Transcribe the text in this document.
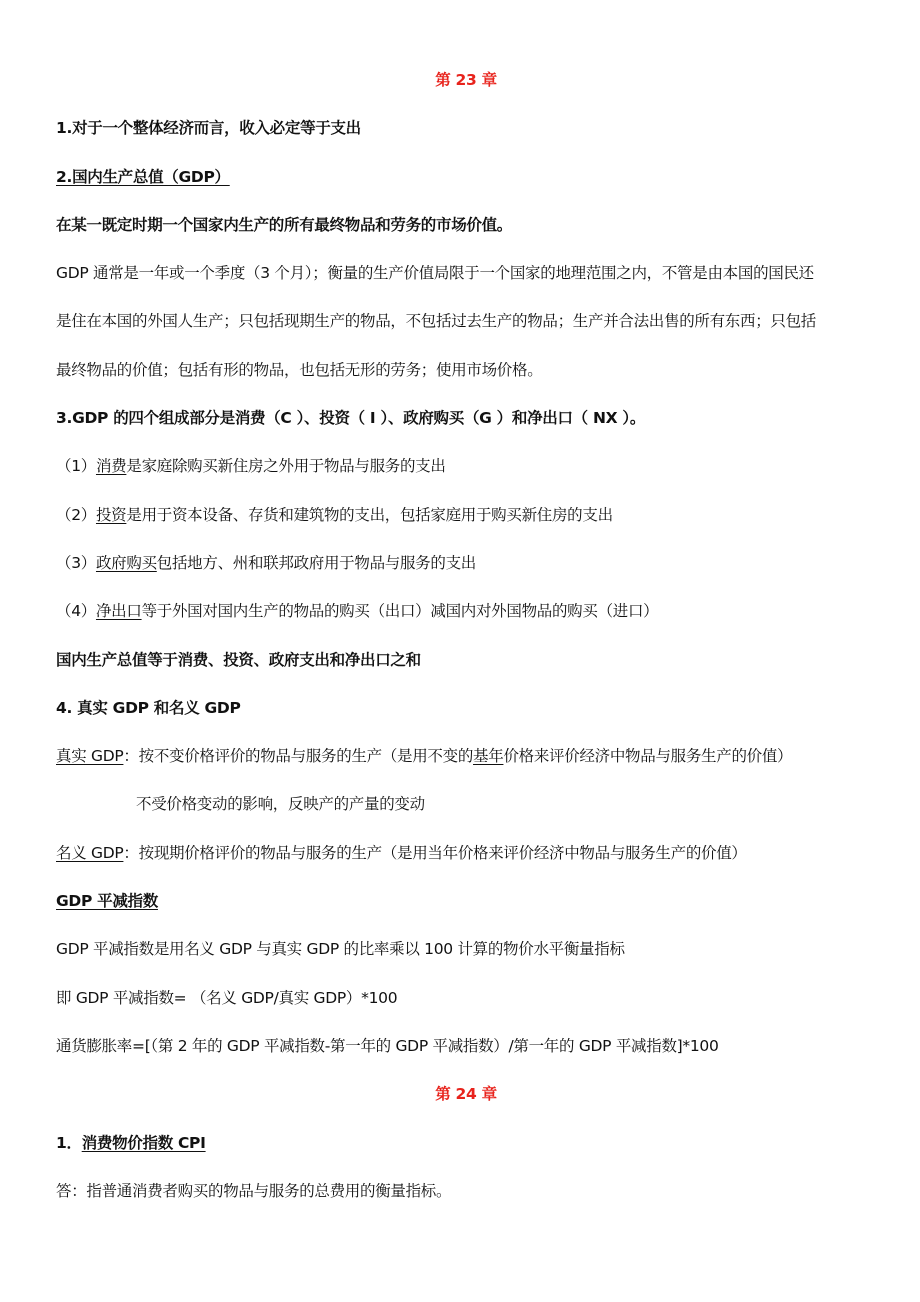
第 23 章
1.对于一个整体经济而言，收入必定等于支出
2.国内生产总值（GDP）
在某一既定时期一个国家内生产的所有最终物品和劳务的市场价值。
GDP 通常是一年或一个季度（3 个月）；衡量的生产价值局限于一个国家的地理范围之内，不管是由本国的国民还
是住在本国的外国人生产；只包括现期生产的物品，不包括过去生产的物品；生产并合法出售的所有东西；只包括
最终物品的价值；包括有形的物品，也包括无形的劳务；使用市场价格。
3.GDP 的四个组成部分是消费（C ）、投资（ I ）、政府购买（G ）和净出口（ NX ）。
（1）消费是家庭除购买新住房之外用于物品与服务的支出
（2）投资是用于资本设备、存货和建筑物的支出，包括家庭用于购买新住房的支出
（3）政府购买包括地方、州和联邦政府用于物品与服务的支出
（4）净出口等于外国对国内生产的物品的购买（出口）减国内对外国物品的购买（进口）
国内生产总值等于消费、投资、政府支出和净出口之和
4. 真实 GDP 和名义 GDP
真实 GDP：按不变价格评价的物品与服务的生产（是用不变的基年价格来评价经济中物品与服务生产的价值）
不受价格变动的影响，反映产的产量的变动
名义 GDP：按现期价格评价的物品与服务的生产（是用当年价格来评价经济中物品与服务生产的价值）
GDP 平减指数
GDP 平减指数是用名义 GDP 与真实 GDP 的比率乘以 100 计算的物价水平衡量指标
即 GDP 平减指数= （名义 GDP/真实 GDP）*100
通货膨胀率=[（第 2 年的 GDP 平减指数-第一年的 GDP 平减指数）/第一年的 GDP 平减指数]*100
第 24 章
1．消费物价指数 CPI
答：指普通消费者购买的物品与服务的总费用的衡量指标。
